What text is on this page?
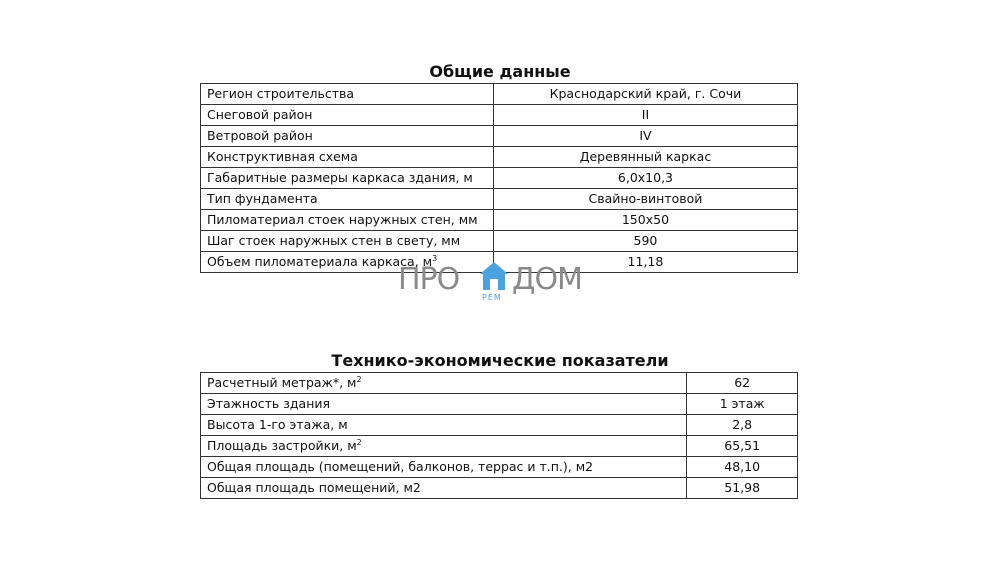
Общие данные
Регион строительства	Краснодарский край, г. Сочи
Снеговой район	II
Ветровой район	IV
Конструктивная схема	Деревянный каркас
Габаритные размеры каркаса здания, м	6,0х10,3
Тип фундамента	Свайно-винтовой
Пиломатериал стоек наружных стен, мм	150х50
Шаг стоек наружных стен в свету, мм	590
Объем пиломатериала каркаса, $м^3$	11,18
Технико-экономические показатели
Расчетный метраж*, $м^2$	62
Этажность здания	1 этаж
Высота 1-го этажа, м	2,8
Площадь застройки, $м^2$	65,51
Общая площадь (помещений, балконов, террас и т.п.), м2	48,10
Общая площадь помещений, м2	51,98
ПРО
РЕМ
ДОМ
